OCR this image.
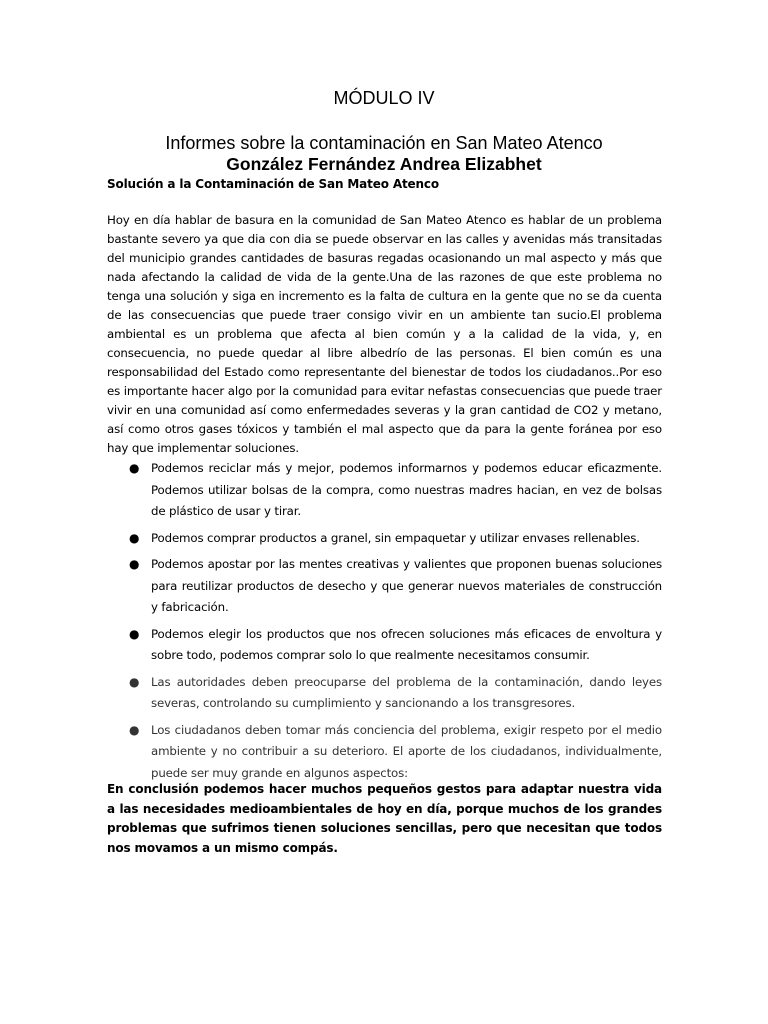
MÓDULO IV
Informes sobre la contaminación en San Mateo Atenco
González Fernández Andrea Elizabhet
Solución a la Contaminación de San Mateo Atenco

Hoy en día hablar de basura en la comunidad de San Mateo Atenco es hablar de un problema bastante severo ya que dia con dia se puede observar en las calles y avenidas más transitadas del municipio grandes cantidades de basuras regadas ocasionando un mal aspecto y más que nada afectando la calidad de vida de la gente.Una de las razones de que este problema no tenga una solución y siga en incremento es la falta de cultura en la gente que no se da cuenta de las consecuencias que puede traer consigo vivir en un ambiente tan sucio.El problema ambiental es un problema que afecta al bien común y a la calidad de la vida, y, en consecuencia, no puede quedar al libre albedrío de las personas. El bien común es una responsabilidad del Estado como representante del bienestar de todos los ciudadanos..Por eso es importante hacer algo por la comunidad para evitar nefastas consecuencias que puede traer vivir en una comunidad así como enfermedades severas y la gran cantidad de CO2 y metano, así como otros gases tóxicos y también el mal aspecto que da para la gente foránea por eso hay que implementar soluciones.

● Podemos reciclar más y mejor, podemos informarnos y podemos educar eficazmente. Podemos utilizar bolsas de la compra, como nuestras madres hacian, en vez de bolsas de plástico de usar y tirar.
● Podemos comprar productos a granel, sin empaquetar y utilizar envases rellenables.
● Podemos apostar por las mentes creativas y valientes que proponen buenas soluciones para reutilizar productos de desecho y que generar nuevos materiales de construcción y fabricación.
● Podemos elegir los productos que nos ofrecen soluciones más eficaces de envoltura y sobre todo, podemos comprar solo lo que realmente necesitamos consumir.
● Las autoridades deben preocuparse del problema de la contaminación, dando leyes severas, controlando su cumplimiento y sancionando a los transgresores.
● Los ciudadanos deben tomar más conciencia del problema, exigir respeto por el medio ambiente y no contribuir a su deterioro. El aporte de los ciudadanos, individualmente, puede ser muy grande en algunos aspectos:

En conclusión podemos hacer muchos pequeños gestos para adaptar nuestra vida a las necesidades medioambientales de hoy en día, porque muchos de los grandes problemas que sufrimos tienen soluciones sencillas, pero que necesitan que todos nos movamos a un mismo compás.
